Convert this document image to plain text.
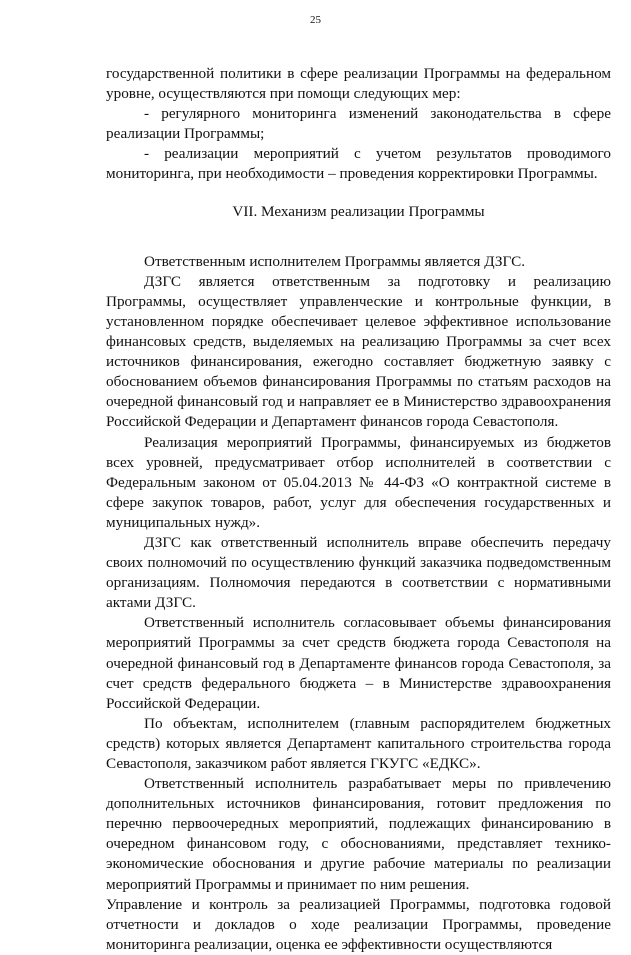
25

государственной политики в сфере реализации Программы на федеральном уровне, осуществляются при помощи следующих мер:

- регулярного мониторинга изменений законодательства в сфере реализации Программы;

- реализации мероприятий с учетом результатов проводимого мониторинга, при необходимости – проведения корректировки Программы.

VII. Механизм реализации Программы

Ответственным исполнителем Программы является ДЗГС.

ДЗГС является ответственным за подготовку и реализацию Программы, осуществляет управленческие и контрольные функции, в установленном порядке обеспечивает целевое эффективное использование финансовых средств, выделяемых на реализацию Программы за счет всех источников финансирования, ежегодно составляет бюджетную заявку с обоснованием объемов финансирования Программы по статьям расходов на очередной финансовый год и направляет ее в Министерство здравоохранения Российской Федерации и Департамент финансов города Севастополя.

Реализация мероприятий Программы, финансируемых из бюджетов всех уровней, предусматривает отбор исполнителей в соответствии с Федеральным законом от 05.04.2013 № 44-ФЗ «О контрактной системе в сфере закупок товаров, работ, услуг для обеспечения государственных и муниципальных нужд».

ДЗГС как ответственный исполнитель вправе обеспечить передачу своих полномочий по осуществлению функций заказчика подведомственным организациям. Полномочия передаются в соответствии с нормативными актами ДЗГС.

Ответственный исполнитель согласовывает объемы финансирования мероприятий Программы за счет средств бюджета города Севастополя на очередной финансовый год в Департаменте финансов города Севастополя, за счет средств федерального бюджета – в Министерстве здравоохранения Российской Федерации.

По объектам, исполнителем (главным распорядителем бюджетных средств) которых является Департамент капитального строительства города Севастополя, заказчиком работ является ГКУГС «ЕДКС».

Ответственный исполнитель разрабатывает меры по привлечению дополнительных источников финансирования, готовит предложения по перечню первоочередных мероприятий, подлежащих финансированию в очередном финансовом году, с обоснованиями, представляет технико-экономические обоснования и другие рабочие материалы по реализации мероприятий Программы и принимает по ним решения.

Управление и контроль за реализацией Программы, подготовка годовой отчетности и докладов о ходе реализации Программы, проведение мониторинга реализации, оценка ее эффективности осуществляются
